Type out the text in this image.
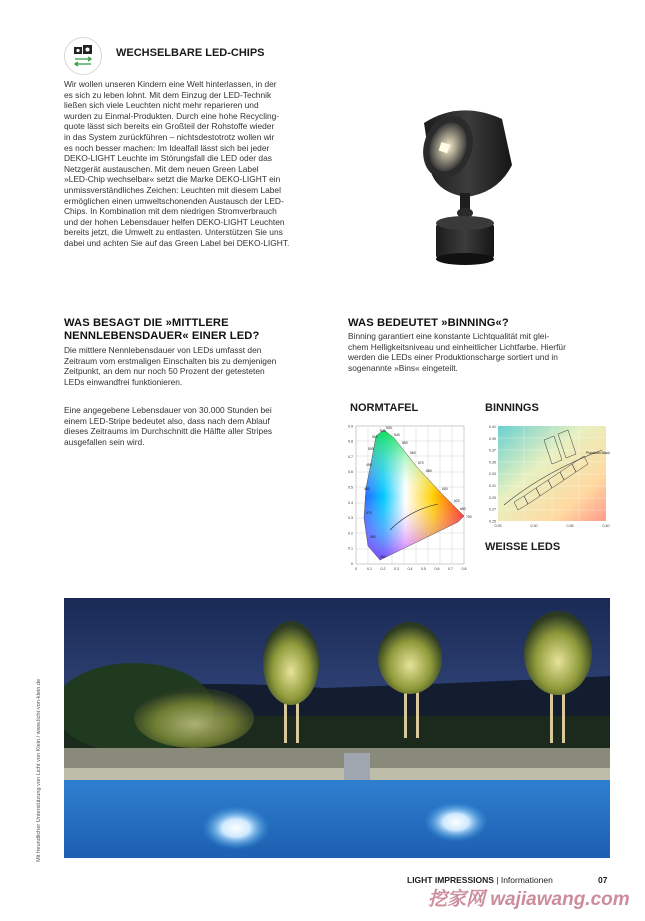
WECHSELBARE LED-CHIPS
Wir wollen unseren Kindern eine Welt hinterlassen, in der
es sich zu leben lohnt. Mit dem Einzug der LED-Technik
ließen sich viele Leuchten nicht mehr reparieren und
wurden zu Einmal-Produkten. Durch eine hohe Recycling-
quote lässt sich bereits ein Großteil der Rohstoffe wieder
in das System zurückführen – nichtsdestotrotz wollen wir
es noch besser machen: Im Idealfall lässt sich bei jeder
DEKO-LIGHT Leuchte im Störungsfall die LED oder das
Netzgerät austauschen. Mit dem neuen Green Label
»LED-Chip wechselbar« setzt die Marke DEKO-LIGHT ein
unmissverständliches Zeichen: Leuchten mit diesem Label
ermöglichen einen umweltschonenden Austausch der LED-
Chips. In Kombination mit dem niedrigen Stromverbrauch
und der hohen Lebensdauer helfen DEKO-LIGHT Leuchten
bereits jetzt, die Umwelt zu entlasten. Unterstützen Sie uns
dabei und achten Sie auf das Green Label bei DEKO-LIGHT.
WAS BESAGT DIE »MITTLERE
NENNLEBENSDAUER« EINER LED?
Die mittlere Nennlebensdauer von LEDs umfasst den
Zeitraum vom erstmaligen Einschalten bis zu demjenigen
Zeitpunkt, an dem nur noch 50 Prozent der getesteten
LEDs einwandfrei funktionieren.
Eine angegebene Lebensdauer von 30.000 Stunden bei
einem LED-Stripe bedeutet also, dass nach dem Ablauf
dieses Zeitraums im Durchschnitt die Hälfte aller Stripes
ausgefallen sein wird.
WAS BEDEUTET »BINNING«?
Binning garantiert eine konstante Lichtqualität mit glei-
chem Helligkeitsniveau und einheitlicher Lichtfarbe. Hierfür
werden die LEDs einer Produktionscharge sortiert und in
sogenannte »Bins« eingeteilt.
NORMTAFEL	BINNINGS
WEISSE LEDS
0	0.1 0.2 0.3 0.4 0.5 0.6 0.7 0.8
0
0.1
0.2
0.3
0.4
0.5
0.6
0.7
0.8
0.9
520
530
510	540
550
560
500
570
580
490
600
620
650
700
480
470
460
380
Planckian Black
0.25	0.30	0.35	0.40
0.41
0.39
0.37
0.35
0.33
0.31
0.29
0.27
0.25
Mit freundlicher Unterstützung von Licht von Klein / www.licht-von-klein.de
LIGHT IMPRESSIONS | Informationen	07
挖家网 wajiawang.com
